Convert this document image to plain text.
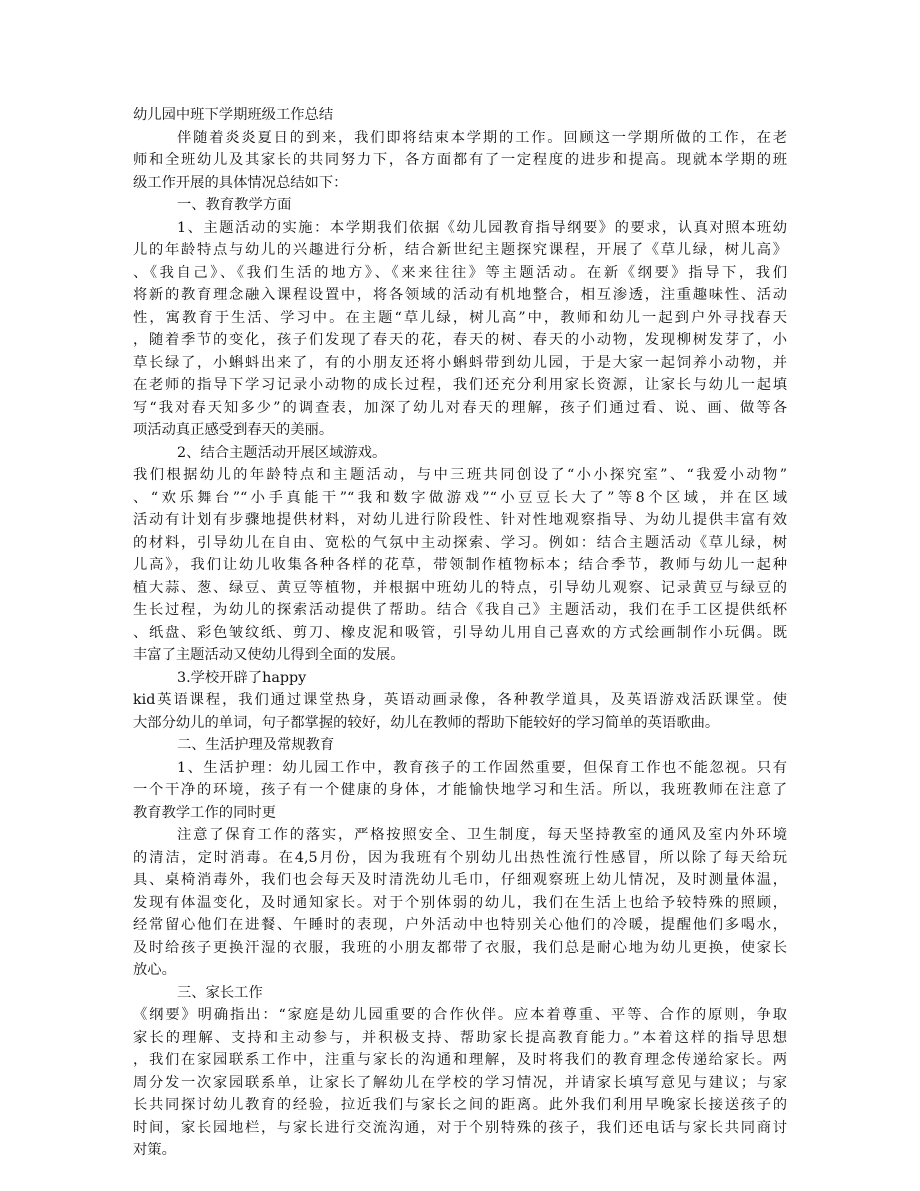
幼儿园中班下学期班级工作总结
伴随着炎炎夏日的到来，我们即将结束本学期的工作。回顾这一学期所做的工作，在老
师和全班幼儿及其家长的共同努力下，各方面都有了一定程度的进步和提高。现就本学期的班
级工作开展的具体情况总结如下：
一、教育教学方面
1、主题活动的实施：本学期我们依据《幼儿园教育指导纲要》的要求，认真对照本班幼
儿的年龄特点与幼儿的兴趣进行分析，结合新世纪主题探究课程，开展了《草儿绿，树儿高》
、《我自己》、《我们生活的地方》、《来来往往》等主题活动。在新《纲要》指导下，我们
将新的教育理念融入课程设置中，将各领域的活动有机地整合，相互渗透，注重趣味性、活动
性，寓教育于生活、学习中。在主题“草儿绿，树儿高”中，教师和幼儿一起到户外寻找春天
，随着季节的变化，孩子们发现了春天的花，春天的树、春天的小动物，发现柳树发芽了，小
草长绿了，小蝌蚪出来了，有的小朋友还将小蝌蚪带到幼儿园，于是大家一起饲养小动物，并
在老师的指导下学习记录小动物的成长过程，我们还充分利用家长资源，让家长与幼儿一起填
写“我对春天知多少”的调查表，加深了幼儿对春天的理解，孩子们通过看、说、画、做等各
项活动真正感受到春天的美丽。
2、结合主题活动开展区域游戏。
我们根据幼儿的年龄特点和主题活动，与中三班共同创设了“小小探究室”、“我爱小动物”
、“欢乐舞台”“小手真能干”“我和数字做游戏”“小豆豆长大了”等8个区域，并在区域
活动有计划有步骤地提供材料，对幼儿进行阶段性、针对性地观察指导、为幼儿提供丰富有效
的材料，引导幼儿在自由、宽松的气氛中主动探索、学习。例如：结合主题活动《草儿绿，树
儿高》，我们让幼儿收集各种各样的花草，带领制作植物标本；结合季节，教师与幼儿一起种
植大蒜、葱、绿豆、黄豆等植物，并根据中班幼儿的特点，引导幼儿观察、记录黄豆与绿豆的
生长过程，为幼儿的探索活动提供了帮助。结合《我自己》主题活动，我们在手工区提供纸杯
、纸盘、彩色皱纹纸、剪刀、橡皮泥和吸管，引导幼儿用自己喜欢的方式绘画制作小玩偶。既
丰富了主题活动又使幼儿得到全面的发展。
3.学校开辟了happy
kid英语课程，我们通过课堂热身，英语动画录像，各种教学道具，及英语游戏活跃课堂。使
大部分幼儿的单词，句子都掌握的较好，幼儿在教师的帮助下能较好的学习简单的英语歌曲。
二、生活护理及常规教育
1、生活护理：幼儿园工作中，教育孩子的工作固然重要，但保育工作也不能忽视。只有
一个干净的环境，孩子有一个健康的身体，才能愉快地学习和生活。所以，我班教师在注意了
教育教学工作的同时更
注意了保育工作的落实，严格按照安全、卫生制度，每天坚持教室的通风及室内外环境
的清洁，定时消毒。在4,5月份，因为我班有个别幼儿出热性流行性感冒，所以除了每天给玩
具、桌椅消毒外，我们也会每天及时清洗幼儿毛巾，仔细观察班上幼儿情况，及时测量体温，
发现有体温变化，及时通知家长。对于个别体弱的幼儿，我们在生活上也给予较特殊的照顾，
经常留心他们在进餐、午睡时的表现，户外活动中也特别关心他们的冷暖，提醒他们多喝水，
及时给孩子更换汗湿的衣服，我班的小朋友都带了衣服，我们总是耐心地为幼儿更换，使家长
放心。
三、家长工作
《纲要》明确指出：“家庭是幼儿园重要的合作伙伴。应本着尊重、平等、合作的原则，争取
家长的理解、支持和主动参与，并积极支持、帮助家长提高教育能力。”本着这样的指导思想
，我们在家园联系工作中，注重与家长的沟通和理解，及时将我们的教育理念传递给家长。两
周分发一次家园联系单，让家长了解幼儿在学校的学习情况，并请家长填写意见与建议；与家
长共同探讨幼儿教育的经验，拉近我们与家长之间的距离。此外我们利用早晚家长接送孩子的
时间，家长园地栏，与家长进行交流沟通，对于个别特殊的孩子，我们还电话与家长共同商讨
对策。
